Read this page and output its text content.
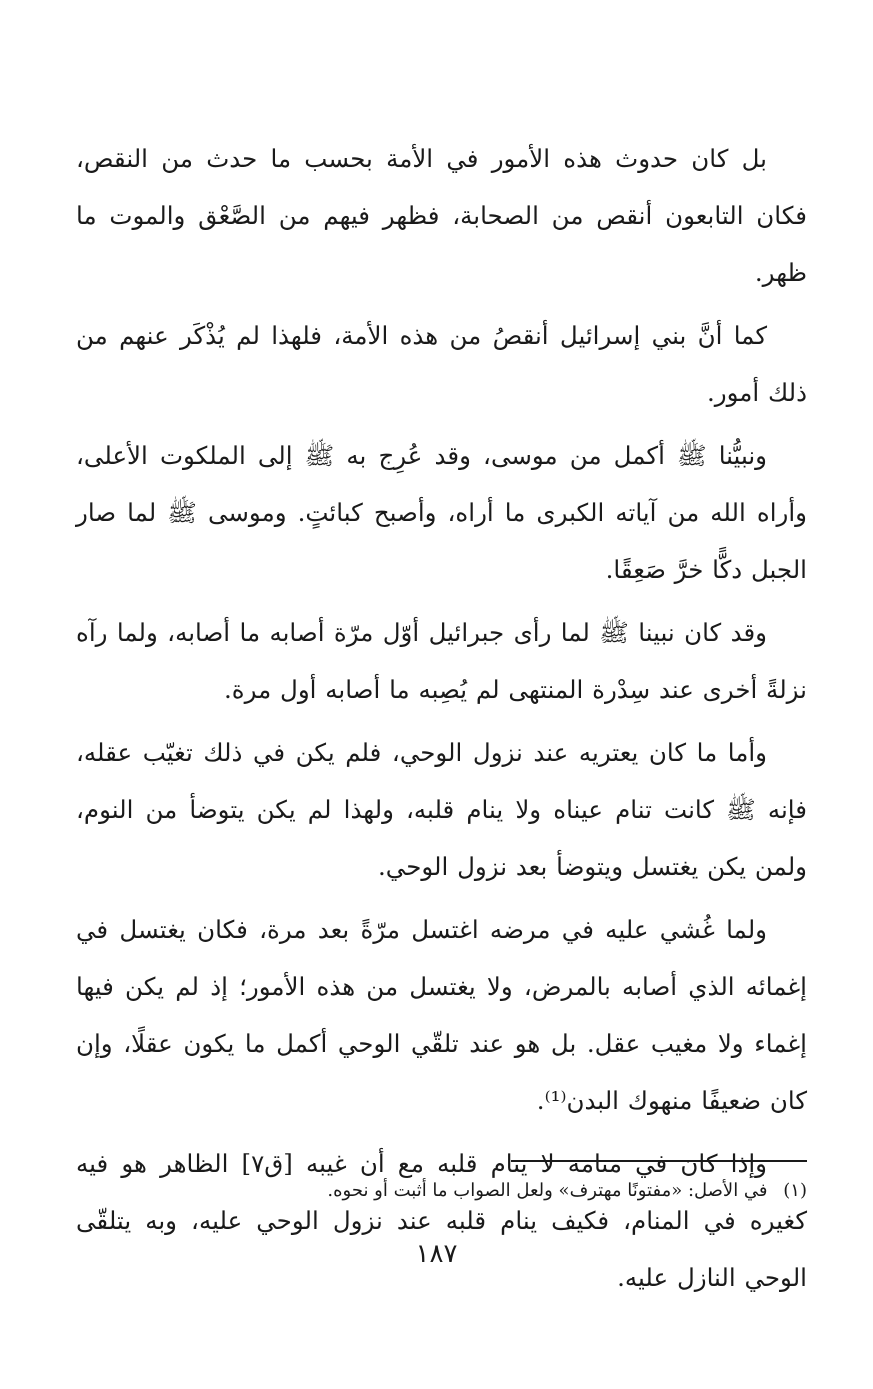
بل كان حدوث هذه الأمور في الأمة بحسب ما حدث من النقص، فكان التابعون أنقص من الصحابة، فظهر فيهم من الصَّعْق والموت ما ظهر.

كما أنَّ بني إسرائيل أنقصُ من هذه الأمة، فلهذا لم يُذْكَر عنهم من ذلك أمور.

ونبيُّنا ﷺ أكمل من موسى، وقد عُرِج به ﷺ إلى الملكوت الأعلى، وأراه الله من آياته الكبرى ما أراه، وأصبح كبائتٍ. وموسى ﷺ لما صار الجبل دكًّا خرَّ صَعِقًا.

وقد كان نبينا ﷺ لما رأى جبرائيل أوّل مرّة أصابه ما أصابه، ولما رآه نزلةً أخرى عند سِدْرة المنتهى لم يُصِبه ما أصابه أول مرة.

وأما ما كان يعتريه عند نزول الوحي، فلم يكن في ذلك تغيّب عقله، فإنه ﷺ كانت تنام عيناه ولا ينام قلبه، ولهذا لم يكن يتوضأ من النوم، ولمن يكن يغتسل ويتوضأ بعد نزول الوحي.

ولما غُشي عليه في مرضه اغتسل مرّةً بعد مرة، فكان يغتسل في إغمائه الذي أصابه بالمرض، ولا يغتسل من هذه الأمور؛ إذ لم يكن فيها إغماء ولا مغيب عقل. بل هو عند تلقّي الوحي أكمل ما يكون عقلًا، وإن كان ضعيفًا منهوك البدن⁽¹⁾.

وإذا كان في منامه لا ينام قلبه مع أن غيبه [ق٧] الظاهر هو فيه كغيره في المنام، فكيف ينام قلبه عند نزول الوحي عليه، وبه يتلقّى الوحي النازل عليه.

(١) في الأصل: «مفتونًا مهترف» ولعل الصواب ما أثبت أو نحوه.
١٨٧
